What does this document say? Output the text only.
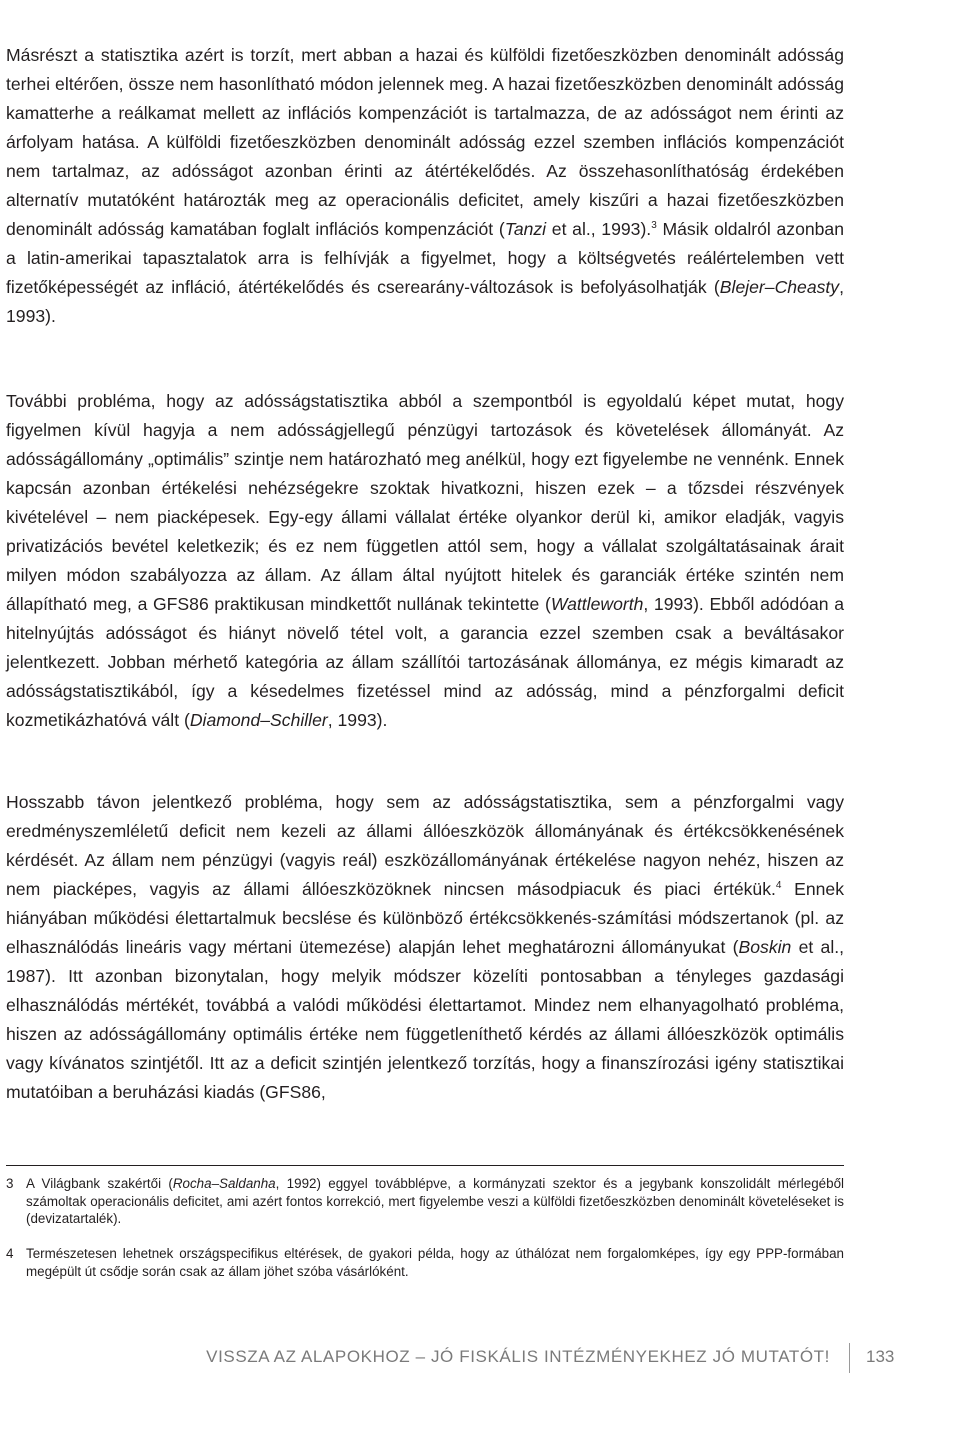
Másrészt a statisztika azért is torzít, mert abban a hazai és külföldi fizetőeszközben denominált adósság terhei eltérően, össze nem hasonlítható módon jelennek meg. A hazai fizetőeszközben denominált adósság kamatterhe a reálkamat mellett az inflációs kompenzációt is tartalmazza, de az adósságot nem érinti az árfolyam hatása. A külföldi fizetőeszközben denominált adósság ezzel szemben inflációs kompenzációt nem tartalmaz, az adósságot azonban érinti az átértékelődés. Az összehasonlíthatóság érdekében alternatív mutatóként határozták meg az operacionális deficitet, amely kiszűri a hazai fizetőeszközben denominált adósság kamatában foglalt inflációs kompenzációt (Tanzi et al., 1993).$^3$ Másik oldalról azonban a latin-amerikai tapasztalatok arra is felhívják a figyelmet, hogy a költségvetés reálértelemben vett fizetőképességét az infláció, átértékelődés és cserearány-változások is befolyásolhatják (Blejer–Cheasty, 1993).

További probléma, hogy az adósságstatisztika abból a szempontból is egyoldalú képet mutat, hogy figyelmen kívül hagyja a nem adósságjellegű pénzügyi tartozások és követelések állományát. Az adósságállomány „optimális” szintje nem határozható meg anélkül, hogy ezt figyelembe ne vennénk. Ennek kapcsán azonban értékelési nehézségekre szoktak hivatkozni, hiszen ezek – a tőzsdei részvények kivételével – nem piacképesek. Egy-egy állami vállalat értéke olyankor derül ki, amikor eladják, vagyis privatizációs bevétel keletkezik; és ez nem független attól sem, hogy a vállalat szolgáltatásainak árait milyen módon szabályozza az állam. Az állam által nyújtott hitelek és garanciák értéke szintén nem állapítható meg, a GFS86 praktikusan mindkettőt nullának tekintette (Wattleworth, 1993). Ebből adódóan a hitelnyújtás adósságot és hiányt növelő tétel volt, a garancia ezzel szemben csak a beváltásakor jelentkezett. Jobban mérhető kategória az állam szállítói tartozásának állománya, ez mégis kimaradt az adósságstatisztikából, így a késedelmes fizetéssel mind az adósság, mind a pénzforgalmi deficit kozmetikázhatóvá vált (Diamond–Schiller, 1993).

Hosszabb távon jelentkező probléma, hogy sem az adósságstatisztika, sem a pénzforgalmi vagy eredményszemléletű deficit nem kezeli az állami állóeszközök állományának és értékcsökkenésének kérdését. Az állam nem pénzügyi (vagyis reál) eszközállományának értékelése nagyon nehéz, hiszen az nem piacképes, vagyis az állami állóeszközöknek nincsen másodpiacuk és piaci értékük.$^4$ Ennek hiányában működési élettartalmuk becslése és különböző értékcsökkenés-számítási módszertanok (pl. az elhasználódás lineáris vagy mértani ütemezése) alapján lehet meghatározni állományukat (Boskin et al., 1987). Itt azonban bizonytalan, hogy melyik módszer közelíti pontosabban a tényleges gazdasági elhasználódás mértékét, továbbá a valódi működési élettartamot. Mindez nem elhanyagolható probléma, hiszen az adósságállomány optimális értéke nem függetleníthető kérdés az állami állóeszközök optimális vagy kívánatos szintjétől. Itt az a deficit szintjén jelentkező torzítás, hogy a finanszírozási igény statisztikai mutatóiban a beruházási kiadás (GFS86,

3 A Világbank szakértői (Rocha–Saldanha, 1992) eggyel továbblépve, a kormányzati szektor és a jegybank konszolidált mérlegéből számoltak operacionális deficitet, ami azért fontos korrekció, mert figyelembe veszi a külföldi fizetőeszközben denominált követeléseket is (devizatartalék).
4 Természetesen lehetnek országspecifikus eltérések, de gyakori példa, hogy az úthálózat nem forgalomképes, így egy PPP-formában megépült út csődje során csak az állam jöhet szóba vásárlóként.
VISSZA AZ ALAPOKHOZ – JÓ FISKÁLIS INTÉZMÉNYEKHEZ JÓ MUTATÓT! 133
